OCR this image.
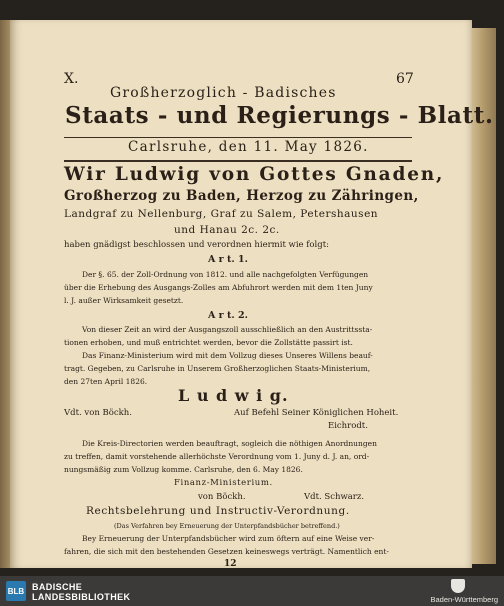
X.	67
Großherzoglich - Badisches
Staats - und Regierungs - Blatt.
Carlsruhe, den 11. May 1826.
Wir Ludwig von Gottes Gnaden,
Großherzog zu Baden, Herzog zu Zähringen,
Landgraf zu Nellenburg, Graf zu Salem, Petershausen
und Hanau 2c. 2c.
haben gnädigst beschlossen und verordnen hiermit wie folgt:
A r t. 1.
Der §. 65. der Zoll-Ordnung von 1812. und alle nachgefolgten Verfügungen
über die Erhebung des Ausgangs-Zolles am Abfuhrort werden mit dem 1ten Juny
l. J. außer Wirksamkeit gesetzt.
A r t. 2.
Von dieser Zeit an wird der Ausgangszoll ausschließlich an den Austrittssta-
tionen erhoben, und muß entrichtet werden, bevor die Zollstätte passirt ist.
Das Finanz-Ministerium wird mit dem Vollzug dieses Unseres Willens beauf-
tragt. Gegeben, zu Carlsruhe in Unserem Großherzoglichen Staats-Ministerium,
den 27ten April 1826.
L u d w i g.
Vdt. von Böckh.	Auf Befehl Seiner Königlichen Hoheit.
Eichrodt.
Die Kreis-Directorien werden beauftragt, sogleich die nöthigen Anordnungen
zu treffen, damit vorstehende allerhöchste Verordnung vom 1. Juny d. J. an, ord-
nungsmäßig zum Vollzug komme. Carlsruhe, den 6. May 1826.
Finanz-Ministerium.
von Böckh.	Vdt. Schwarz.
Rechtsbelehrung und Instructiv-Verordnung.
(Das Verfahren bey Erneuerung der Unterpfandsbücher betreffend.)
Bey Erneuerung der Unterpfandsbücher wird zum öftern auf eine Weise ver-
fahren, die sich mit den bestehenden Gesetzen keineswegs verträgt. Namentlich ent-
12
BLB BADISCHE
LANDESBIBLIOTHEK	Baden-Württemberg
